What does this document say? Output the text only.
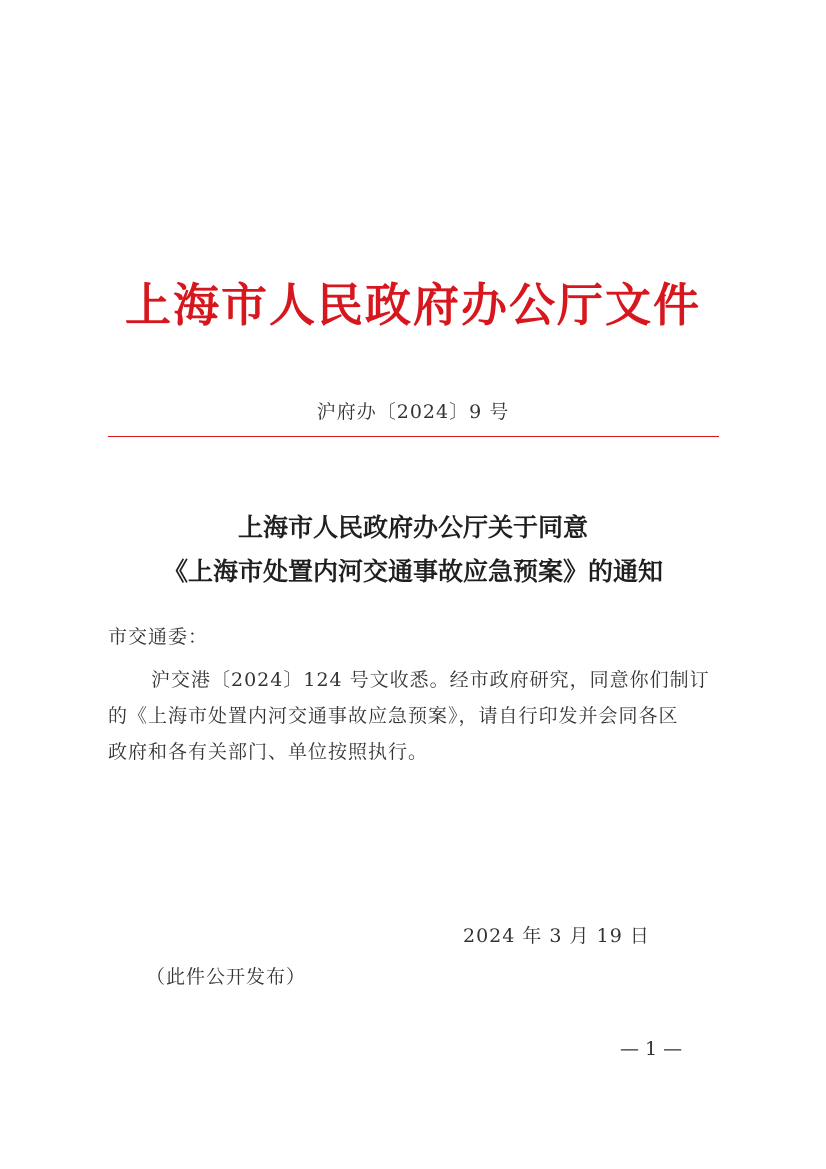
上海市人民政府办公厅文件
沪府办〔2024〕9 号
上海市人民政府办公厅关于同意
《上海市处置内河交通事故应急预案》的通知
市交通委：
沪交港〔2024〕124 号文收悉。经市政府研究，同意你们制订
的《上海市处置内河交通事故应急预案》，请自行印发并会同各区
政府和各有关部门、单位按照执行。
2024 年 3 月 19 日
（此件公开发布）
— 1 —
